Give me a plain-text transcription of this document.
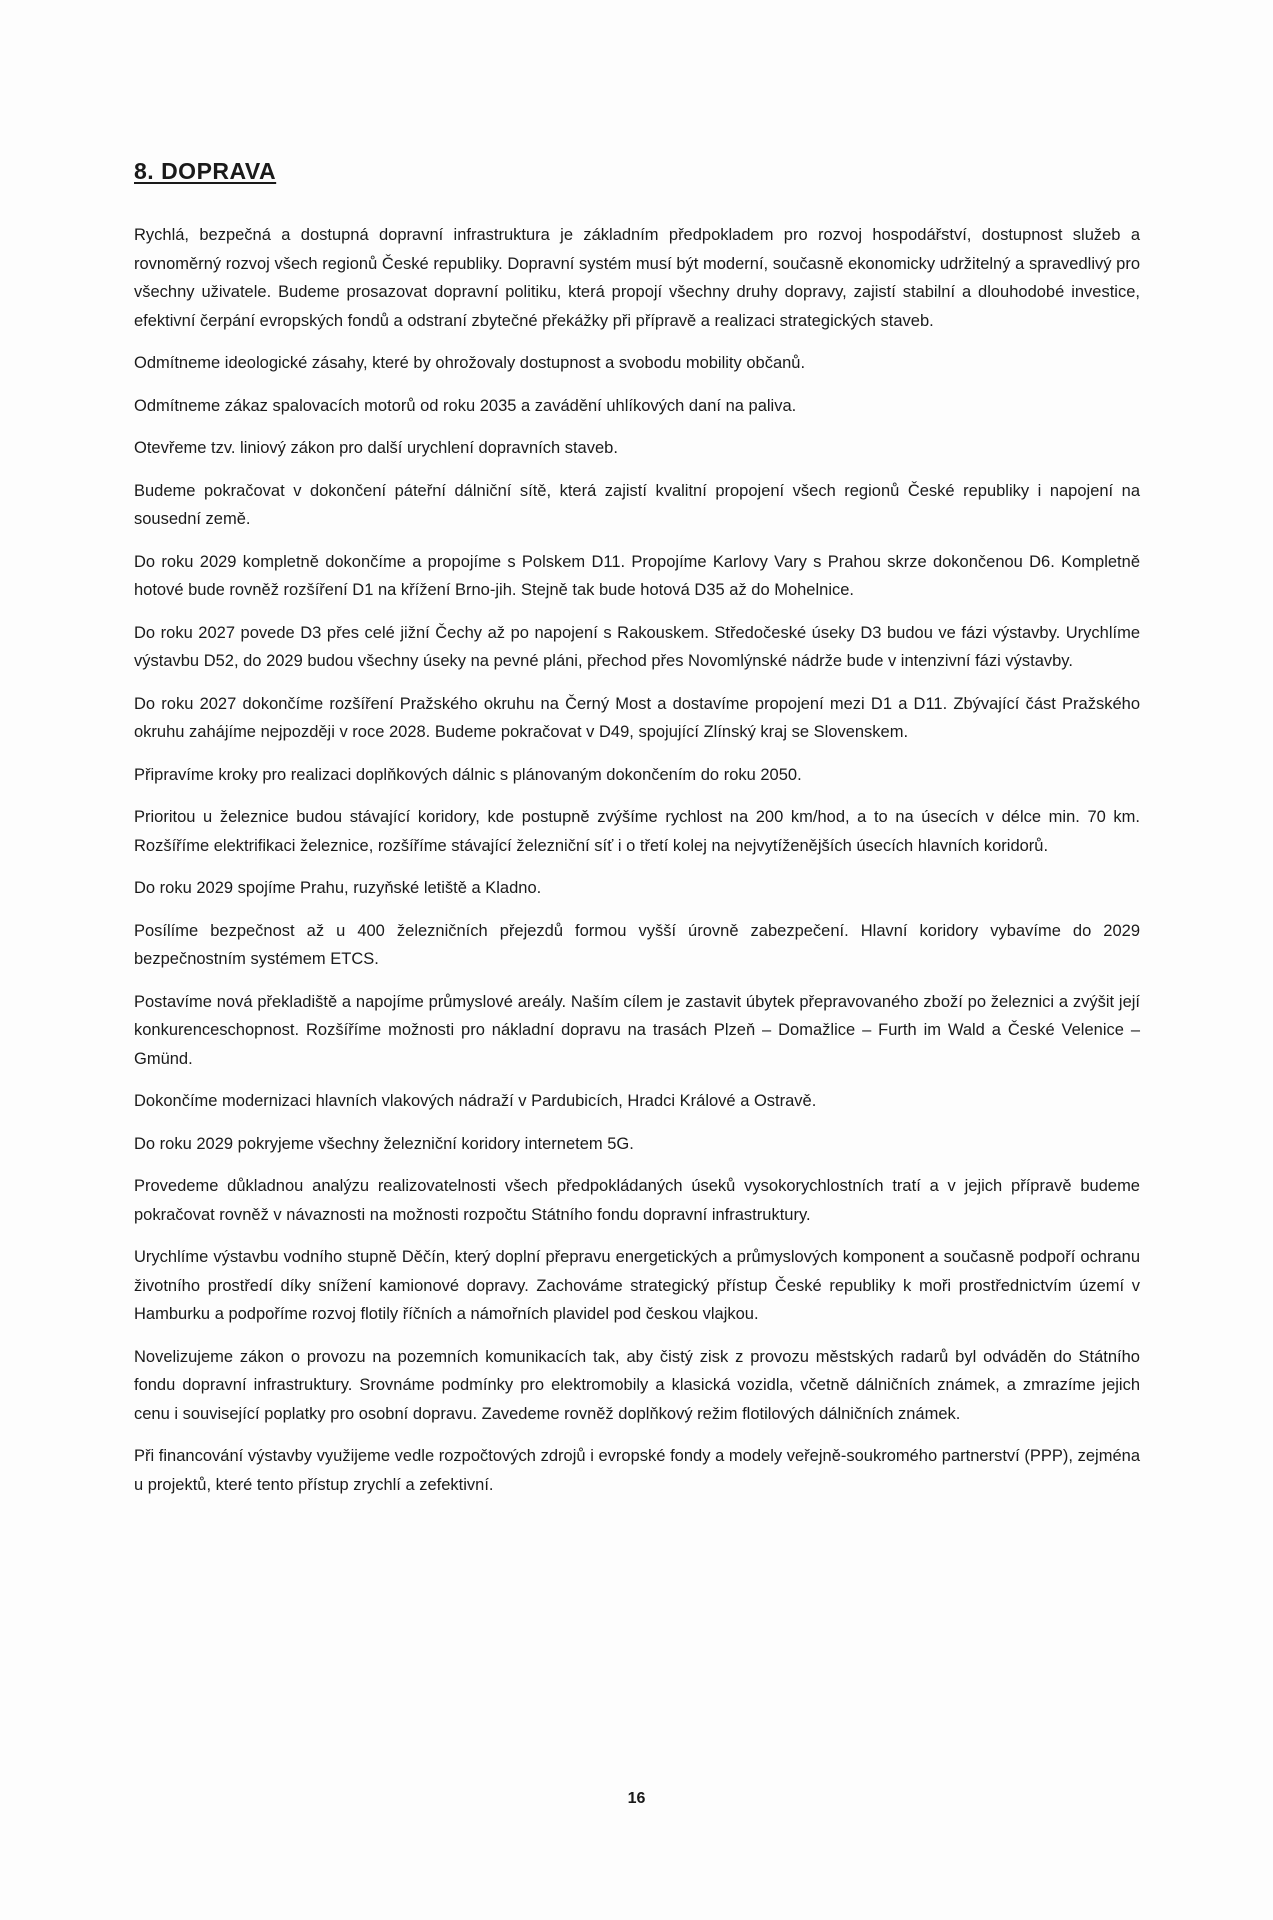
8. DOPRAVA

Rychlá, bezpečná a dostupná dopravní infrastruktura je základním předpokladem pro rozvoj hospodářství, dostupnost služeb a rovnoměrný rozvoj všech regionů České republiky. Dopravní systém musí být moderní, současně ekonomicky udržitelný a spravedlivý pro všechny uživatele. Budeme prosazovat dopravní politiku, která propojí všechny druhy dopravy, zajistí stabilní a dlouhodobé investice, efektivní čerpání evropských fondů a odstraní zbytečné překážky při přípravě a realizaci strategických staveb.

Odmítneme ideologické zásahy, které by ohrožovaly dostupnost a svobodu mobility občanů.

Odmítneme zákaz spalovacích motorů od roku 2035 a zavádění uhlíkových daní na paliva.

Otevřeme tzv. liniový zákon pro další urychlení dopravních staveb.

Budeme pokračovat v dokončení páteřní dálniční sítě, která zajistí kvalitní propojení všech regionů České republiky i napojení na sousední země.

Do roku 2029 kompletně dokončíme a propojíme s Polskem D11. Propojíme Karlovy Vary s Prahou skrze dokončenou D6. Kompletně hotové bude rovněž rozšíření D1 na křížení Brno-jih. Stejně tak bude hotová D35 až do Mohelnice.

Do roku 2027 povede D3 přes celé jižní Čechy až po napojení s Rakouskem. Středočeské úseky D3 budou ve fázi výstavby. Urychlíme výstavbu D52, do 2029 budou všechny úseky na pevné pláni, přechod přes Novomlýnské nádrže bude v intenzivní fázi výstavby.

Do roku 2027 dokončíme rozšíření Pražského okruhu na Černý Most a dostavíme propojení mezi D1 a D11. Zbývající část Pražského okruhu zahájíme nejpozději v roce 2028. Budeme pokračovat v D49, spojující Zlínský kraj se Slovenskem.

Připravíme kroky pro realizaci doplňkových dálnic s plánovaným dokončením do roku 2050.

Prioritou u železnice budou stávající koridory, kde postupně zvýšíme rychlost na 200 km/hod, a to na úsecích v délce min. 70 km. Rozšíříme elektrifikaci železnice, rozšíříme stávající železniční síť i o třetí kolej na nejvytíženějších úsecích hlavních koridorů.

Do roku 2029 spojíme Prahu, ruzyňské letiště a Kladno.

Posílíme bezpečnost až u 400 železničních přejezdů formou vyšší úrovně zabezpečení. Hlavní koridory vybavíme do 2029 bezpečnostním systémem ETCS.

Postavíme nová překladiště a napojíme průmyslové areály. Naším cílem je zastavit úbytek přepravovaného zboží po železnici a zvýšit její konkurenceschopnost. Rozšíříme možnosti pro nákladní dopravu na trasách Plzeň – Domažlice – Furth im Wald a České Velenice – Gmünd.

Dokončíme modernizaci hlavních vlakových nádraží v Pardubicích, Hradci Králové a Ostravě.

Do roku 2029 pokryjeme všechny železniční koridory internetem 5G.

Provedeme důkladnou analýzu realizovatelnosti všech předpokládaných úseků vysokorychlostních tratí a v jejich přípravě budeme pokračovat rovněž v návaznosti na možnosti rozpočtu Státního fondu dopravní infrastruktury.

Urychlíme výstavbu vodního stupně Děčín, který doplní přepravu energetických a průmyslových komponent a současně podpoří ochranu životního prostředí díky snížení kamionové dopravy. Zachováme strategický přístup České republiky k moři prostřednictvím území v Hamburku a podpoříme rozvoj flotily říčních a námořních plavidel pod českou vlajkou.

Novelizujeme zákon o provozu na pozemních komunikacích tak, aby čistý zisk z provozu městských radarů byl odváděn do Státního fondu dopravní infrastruktury. Srovnáme podmínky pro elektromobily a klasická vozidla, včetně dálničních známek, a zmrazíme jejich cenu i související poplatky pro osobní dopravu. Zavedeme rovněž doplňkový režim flotilových dálničních známek.

Při financování výstavby využijeme vedle rozpočtových zdrojů i evropské fondy a modely veřejně-soukromého partnerství (PPP), zejména u projektů, které tento přístup zrychlí a zefektivní.

16
